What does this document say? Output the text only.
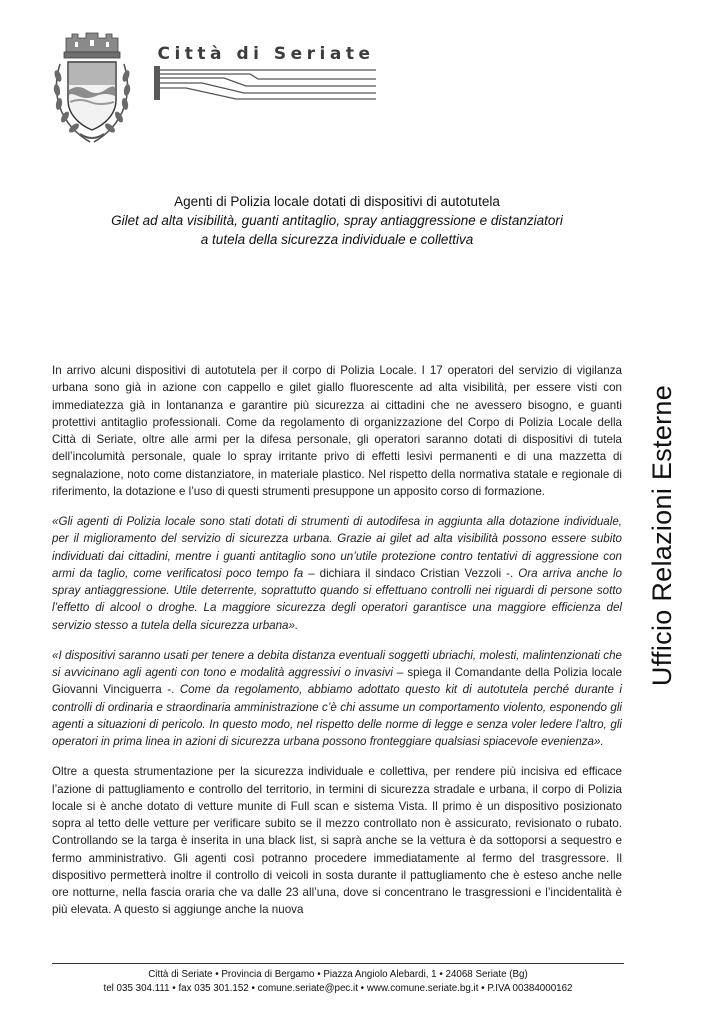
Città di Seriate
Agenti di Polizia locale dotati di dispositivi di autotutela
Gilet ad alta visibilità, guanti antitaglio, spray antiaggressione e distanziatori
a tutela della sicurezza individuale e collettiva
Ufficio Relazioni Esterne

In arrivo alcuni dispositivi di autotutela per il corpo di Polizia Locale. I 17 operatori del servizio di vigilanza urbana sono già in azione con cappello e gilet giallo fluorescente ad alta visibilità, per essere visti con immediatezza già in lontananza e garantire più sicurezza ai cittadini che ne avessero bisogno, e guanti protettivi antitaglio professionali. Come da regolamento di organizzazione del Corpo di Polizia Locale della Città di Seriate, oltre alle armi per la difesa personale, gli operatori saranno dotati di dispositivi di tutela dell’incolumità personale, quale lo spray irritante privo di effetti lesivi permanenti e di una mazzetta di segnalazione, noto come distanziatore, in materiale plastico. Nel rispetto della normativa statale e regionale di riferimento, la dotazione e l’uso di questi strumenti presuppone un apposito corso di formazione.

«Gli agenti di Polizia locale sono stati dotati di strumenti di autodifesa in aggiunta alla dotazione individuale, per il miglioramento del servizio di sicurezza urbana. Grazie ai gilet ad alta visibilità possono essere subito individuati dai cittadini, mentre i guanti antitaglio sono un’utile protezione contro tentativi di aggressione con armi da taglio, come verificatosi poco tempo fa – dichiara il sindaco Cristian Vezzoli -. Ora arriva anche lo spray antiaggressione. Utile deterrente, soprattutto quando si effettuano controlli nei riguardi di persone sotto l’effetto di alcool o droghe. La maggiore sicurezza degli operatori garantisce una maggiore efficienza del servizio stesso a tutela della sicurezza urbana».

«I dispositivi saranno usati per tenere a debita distanza eventuali soggetti ubriachi, molesti, malintenzionati che si avvicinano agli agenti con tono e modalità aggressivi o invasivi – spiega il Comandante della Polizia locale Giovanni Vinciguerra -. Come da regolamento, abbiamo adottato questo kit di autotutela perché durante i controlli di ordinaria e straordinaria amministrazione c’è chi assume un comportamento violento, esponendo gli agenti a situazioni di pericolo. In questo modo, nel rispetto delle norme di legge e senza voler ledere l’altro, gli operatori in prima linea in azioni di sicurezza urbana possono fronteggiare qualsiasi spiacevole evenienza».

Oltre a questa strumentazione per la sicurezza individuale e collettiva, per rendere più incisiva ed efficace l’azione di pattugliamento e controllo del territorio, in termini di sicurezza stradale e urbana, il corpo di Polizia locale si è anche dotato di vetture munite di Full scan e sistema Vista. Il primo è un dispositivo posizionato sopra al tetto delle vetture per verificare subito se il mezzo controllato non è assicurato, revisionato o rubato. Controllando se la targa è inserita in una black list, si saprà anche se la vettura è da sottoporsi a sequestro e fermo amministrativo. Gli agenti così potranno procedere immediatamente al fermo del trasgressore. Il dispositivo permetterà inoltre il controllo di veicoli in sosta durante il pattugliamento che è esteso anche nelle ore notturne, nella fascia oraria che va dalle 23 all’una, dove si concentrano le trasgressioni e l’incidentalità è più elevata. A questo si aggiunge anche la nuova

Città di Seriate • Provincia di Bergamo • Piazza Angiolo Alebardi, 1 • 24068 Seriate (Bg)
tel 035 304.111 • fax 035 301.152 • comune.seriate@pec.it • www.comune.seriate.bg.it • P.IVA 00384000162
